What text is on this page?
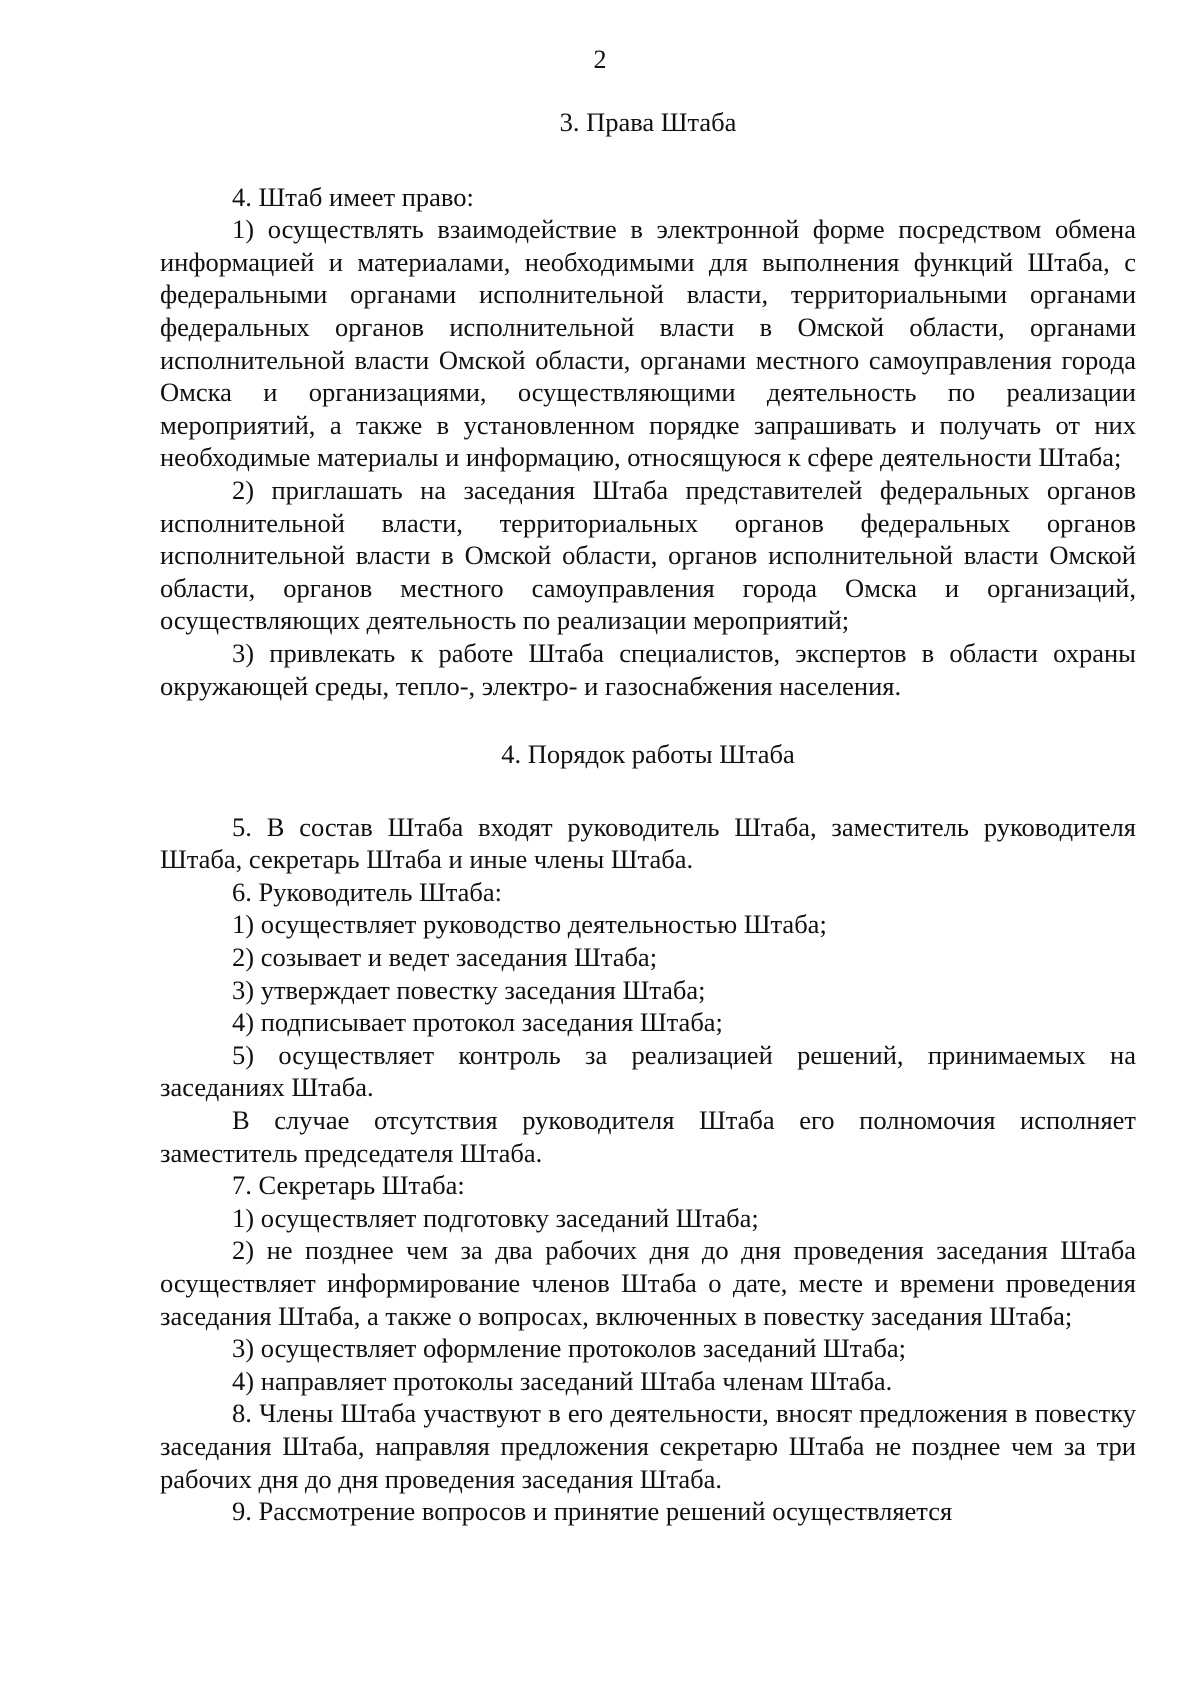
2
3. Права Штаба

4. Штаб имеет право:

1) осуществлять взаимодействие в электронной форме посредством обмена информацией и материалами, необходимыми для выполнения функций Штаба, с федеральными органами исполнительной власти, территориальными органами федеральных органов исполнительной власти в Омской области, органами исполнительной власти Омской области, органами местного самоуправления города Омска и организациями, осуществляющими деятельность по реализации мероприятий, а также в установленном порядке запрашивать и получать от них необходимые материалы и информацию, относящуюся к сфере деятельности Штаба;

2) приглашать на заседания Штаба представителей федеральных органов исполнительной власти, территориальных органов федеральных органов исполнительной власти в Омской области, органов исполнительной власти Омской области, органов местного самоуправления города Омска и организаций, осуществляющих деятельность по реализации мероприятий;

3) привлекать к работе Штаба специалистов, экспертов в области охраны окружающей среды, тепло-, электро- и газоснабжения населения.

4. Порядок работы Штаба

5. В состав Штаба входят руководитель Штаба, заместитель руководителя Штаба, секретарь Штаба и иные члены Штаба.

6. Руководитель Штаба:

1) осуществляет руководство деятельностью Штаба;

2) созывает и ведет заседания Штаба;

3) утверждает повестку заседания Штаба;

4) подписывает протокол заседания Штаба;

5) осуществляет контроль за реализацией решений, принимаемых на заседаниях Штаба.

В случае отсутствия руководителя Штаба его полномочия исполняет заместитель председателя Штаба.

7. Секретарь Штаба:

1) осуществляет подготовку заседаний Штаба;

2) не позднее чем за два рабочих дня до дня проведения заседания Штаба осуществляет информирование членов Штаба о дате, месте и времени проведения заседания Штаба, а также о вопросах, включенных в повестку заседания Штаба;

3) осуществляет оформление протоколов заседаний Штаба;

4) направляет протоколы заседаний Штаба членам Штаба.

8. Члены Штаба участвуют в его деятельности, вносят предложения в повестку заседания Штаба, направляя предложения секретарю Штаба не позднее чем за три рабочих дня до дня проведения заседания Штаба.

9. Рассмотрение вопросов и принятие решений осуществляется
